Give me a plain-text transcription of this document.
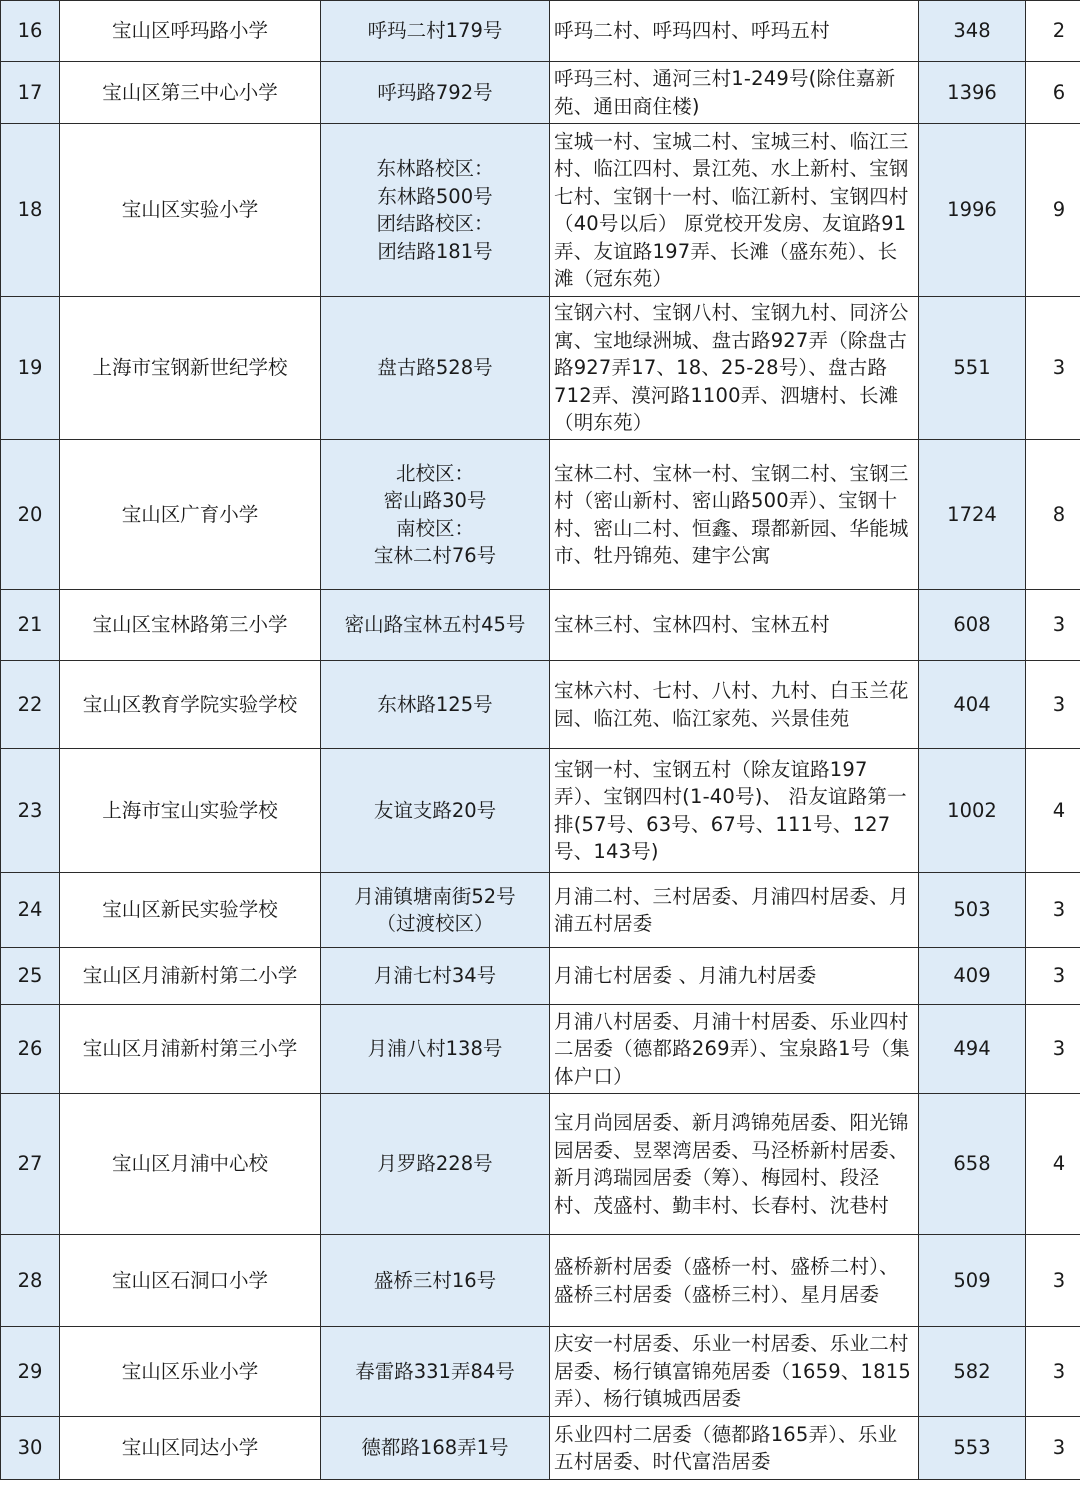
16	宝山区呼玛路小学	呼玛二村179号	呼玛二村、呼玛四村、呼玛五村	348	2
17	宝山区第三中心小学	呼玛路792号	呼玛三村、通河三村1-249号(除住嘉新苑、通田商住楼)	1396	6
18	宝山区实验小学	东林路校区：
东林路500号
团结路校区：
团结路181号	宝城一村、宝城二村、宝城三村、临江三村、临江四村、景江苑、水上新村、宝钢七村、宝钢十一村、临江新村、宝钢四村（40号以后） 原党校开发房、友谊路91弄、友谊路197弄、长滩（盛东苑）、长滩（冠东苑）	1996	9
19	上海市宝钢新世纪学校	盘古路528号	宝钢六村、宝钢八村、宝钢九村、同济公寓、宝地绿洲城、盘古路927弄（除盘古路927弄17、18、25-28号）、盘古路712弄、漠河路1100弄、泗塘村、长滩（明东苑）	551	3
20	宝山区广育小学	北校区：
密山路30号
南校区：
宝林二村76号	宝林二村、宝林一村、宝钢二村、宝钢三村（密山新村、密山路500弄）、宝钢十村、密山二村、恒鑫、璟都新园、华能城市、牡丹锦苑、建宇公寓	1724	8
21	宝山区宝林路第三小学	密山路宝林五村45号	宝林三村、宝林四村、宝林五村	608	3
22	宝山区教育学院实验学校	东林路125号	宝林六村、七村、八村、九村、白玉兰花园、临江苑、临江家苑、兴景佳苑	404	3
23	上海市宝山实验学校	友谊支路20号	宝钢一村、宝钢五村（除友谊路197弄）、宝钢四村(1-40号)、 沿友谊路第一排(57号、63号、67号、111号、127号、143号)	1002	4
24	宝山区新民实验学校	月浦镇塘南街52号
（过渡校区）	月浦二村、三村居委、月浦四村居委、月浦五村居委	503	3
25	宝山区月浦新村第二小学	月浦七村34号	月浦七村居委 、月浦九村居委	409	3
26	宝山区月浦新村第三小学	月浦八村138号	月浦八村居委、月浦十村居委、乐业四村二居委（德都路269弄）、宝泉路1号（集体户口）	494	3
27	宝山区月浦中心校	月罗路228号	宝月尚园居委、新月鸿锦苑居委、阳光锦园居委、昱翠湾居委、马泾桥新村居委、新月鸿瑞园居委（筹）、梅园村、段泾村、茂盛村、勤丰村、长春村、沈巷村	658	4
28	宝山区石洞口小学	盛桥三村16号	盛桥新村居委（盛桥一村、盛桥二村）、盛桥三村居委（盛桥三村）、星月居委	509	3
29	宝山区乐业小学	春雷路331弄84号	庆安一村居委、乐业一村居委、乐业二村居委、杨行镇富锦苑居委（1659、1815弄）、杨行镇城西居委	582	3
30	宝山区同达小学	德都路168弄1号	乐业四村二居委（德都路165弄）、乐业五村居委、时代富浩居委	553	3
